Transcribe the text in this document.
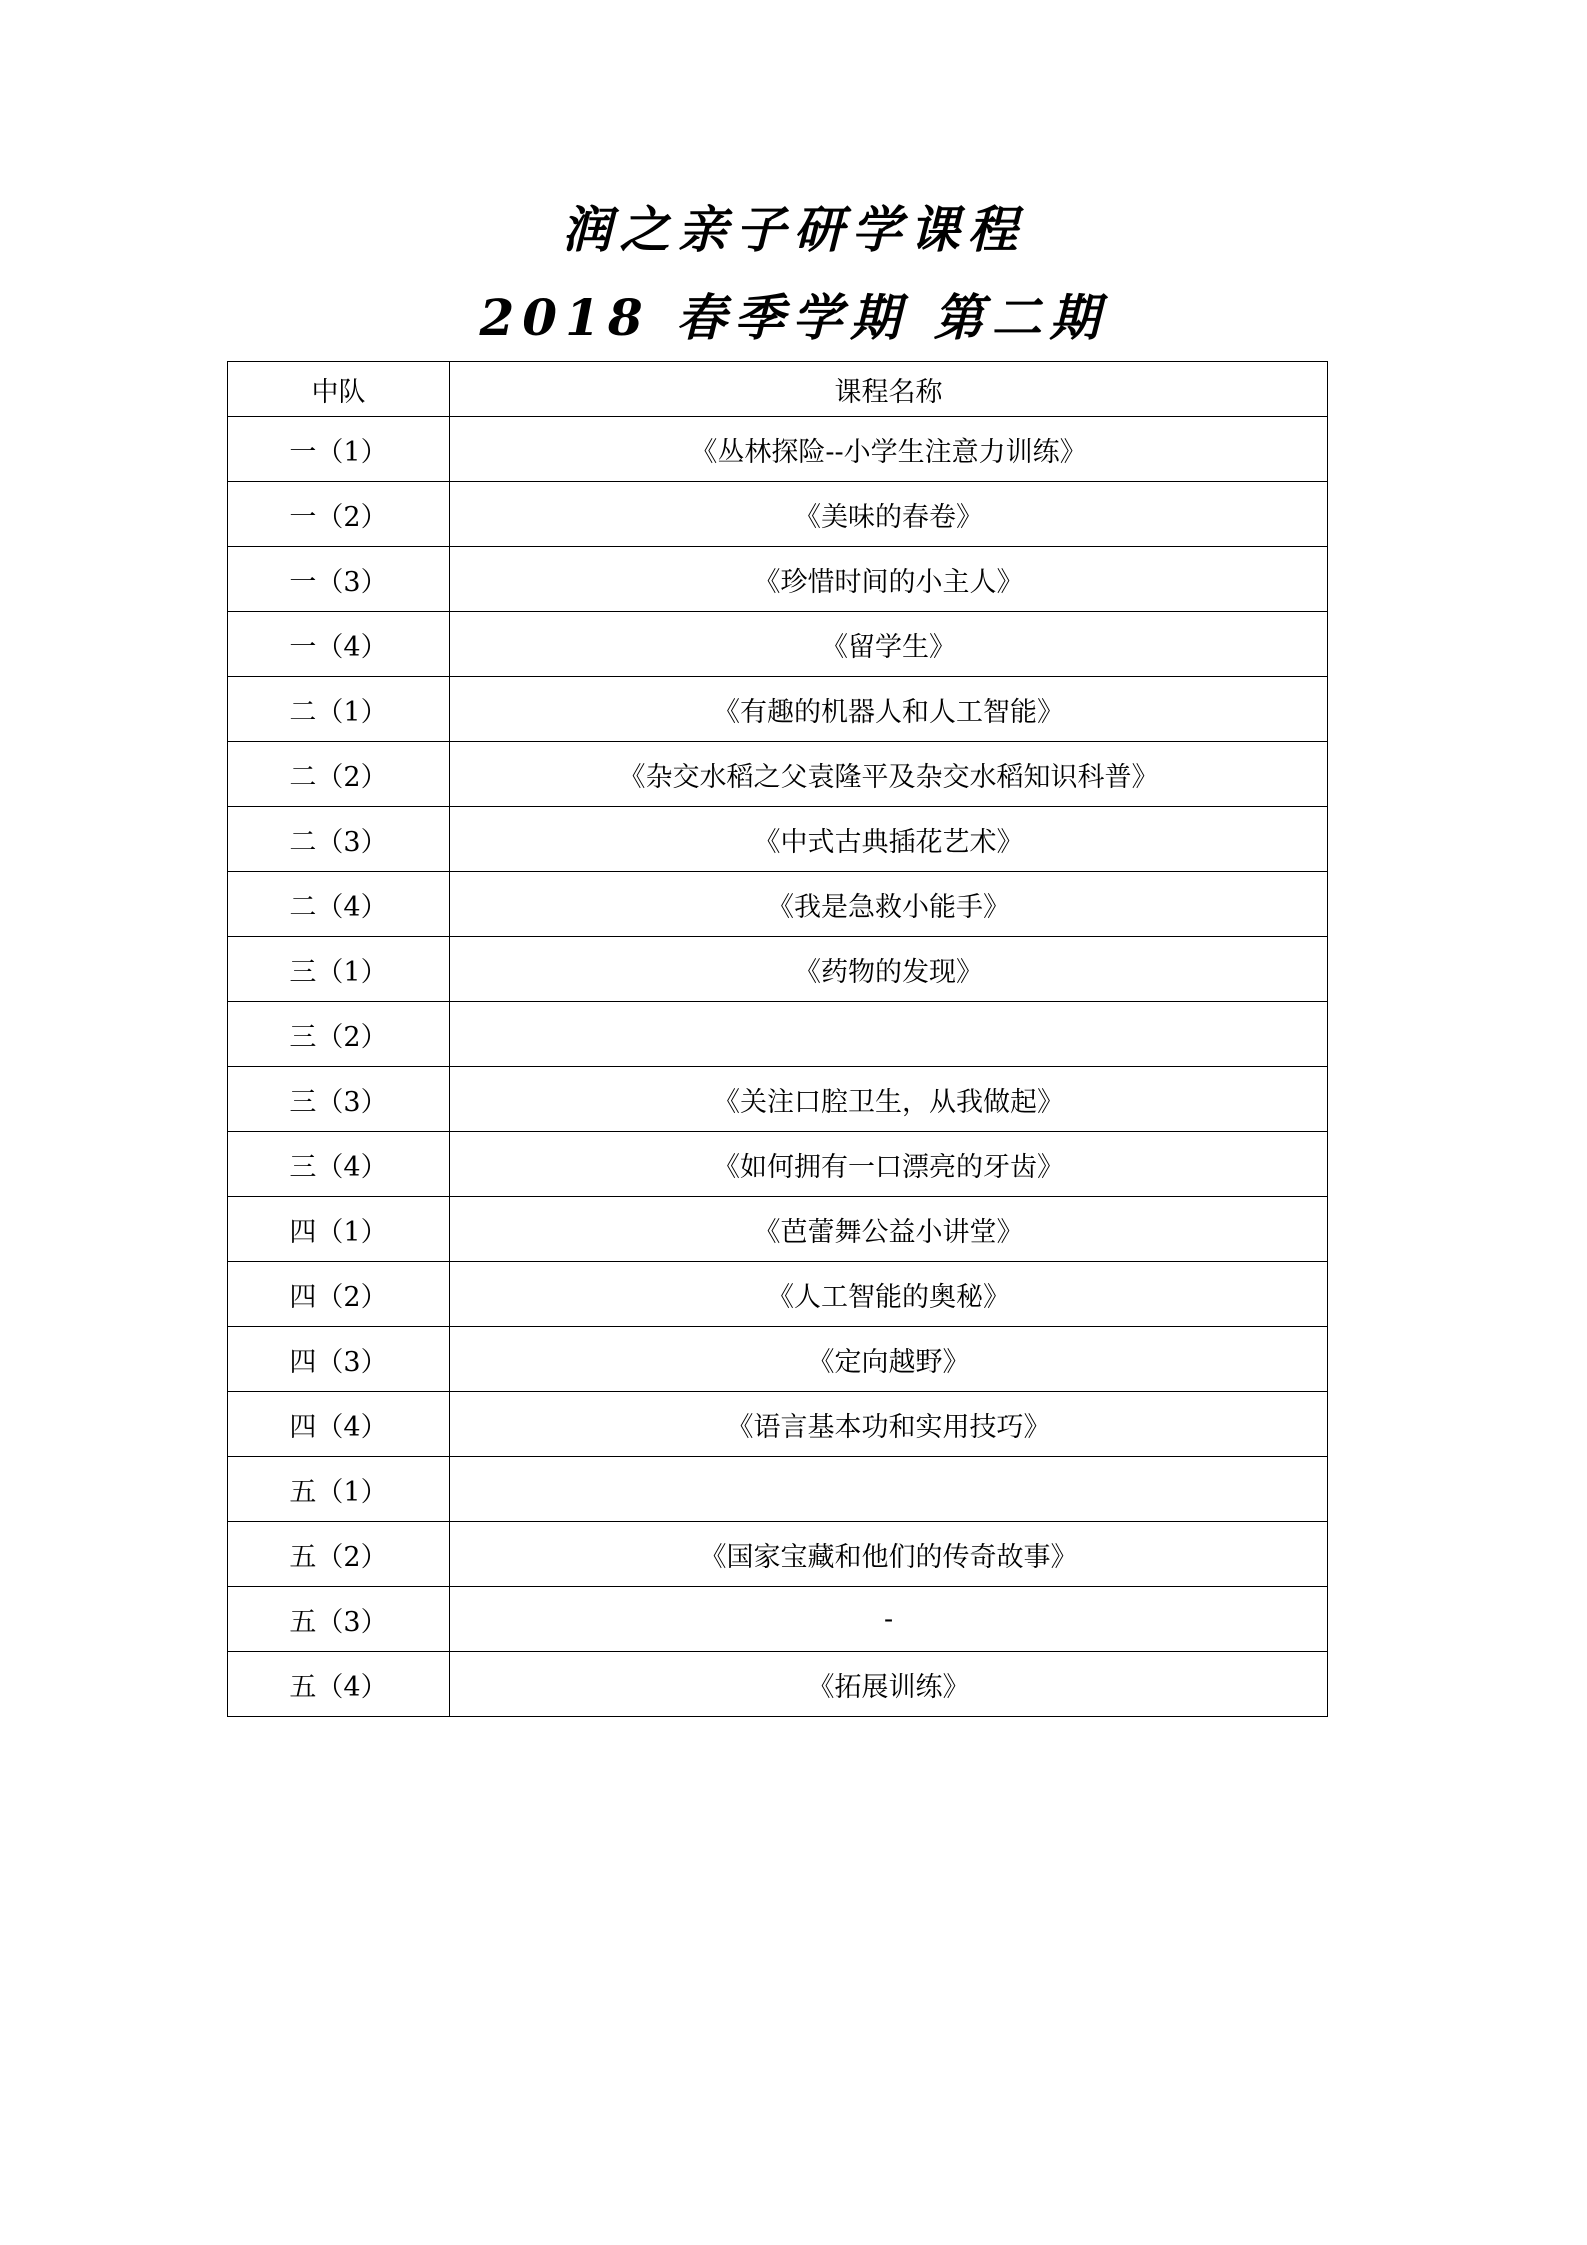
润之亲子研学课程
2018 春季学期 第二期
中队	课程名称
一（1）	《丛林探险--小学生注意力训练》
一（2）	《美味的春卷》
一（3）	《珍惜时间的小主人》
一（4）	《留学生》
二（1）	《有趣的机器人和人工智能》
二（2）	《杂交水稻之父袁隆平及杂交水稻知识科普》
二（3）	《中式古典插花艺术》
二（4）	《我是急救小能手》
三（1）	《药物的发现》
三（2）	
三（3）	《关注口腔卫生，从我做起》
三（4）	《如何拥有一口漂亮的牙齿》
四（1）	《芭蕾舞公益小讲堂》
四（2）	《人工智能的奥秘》
四（3）	《定向越野》
四（4）	《语言基本功和实用技巧》
五（1）	
五（2）	《国家宝藏和他们的传奇故事》
五（3）	-
五（4）	《拓展训练》
